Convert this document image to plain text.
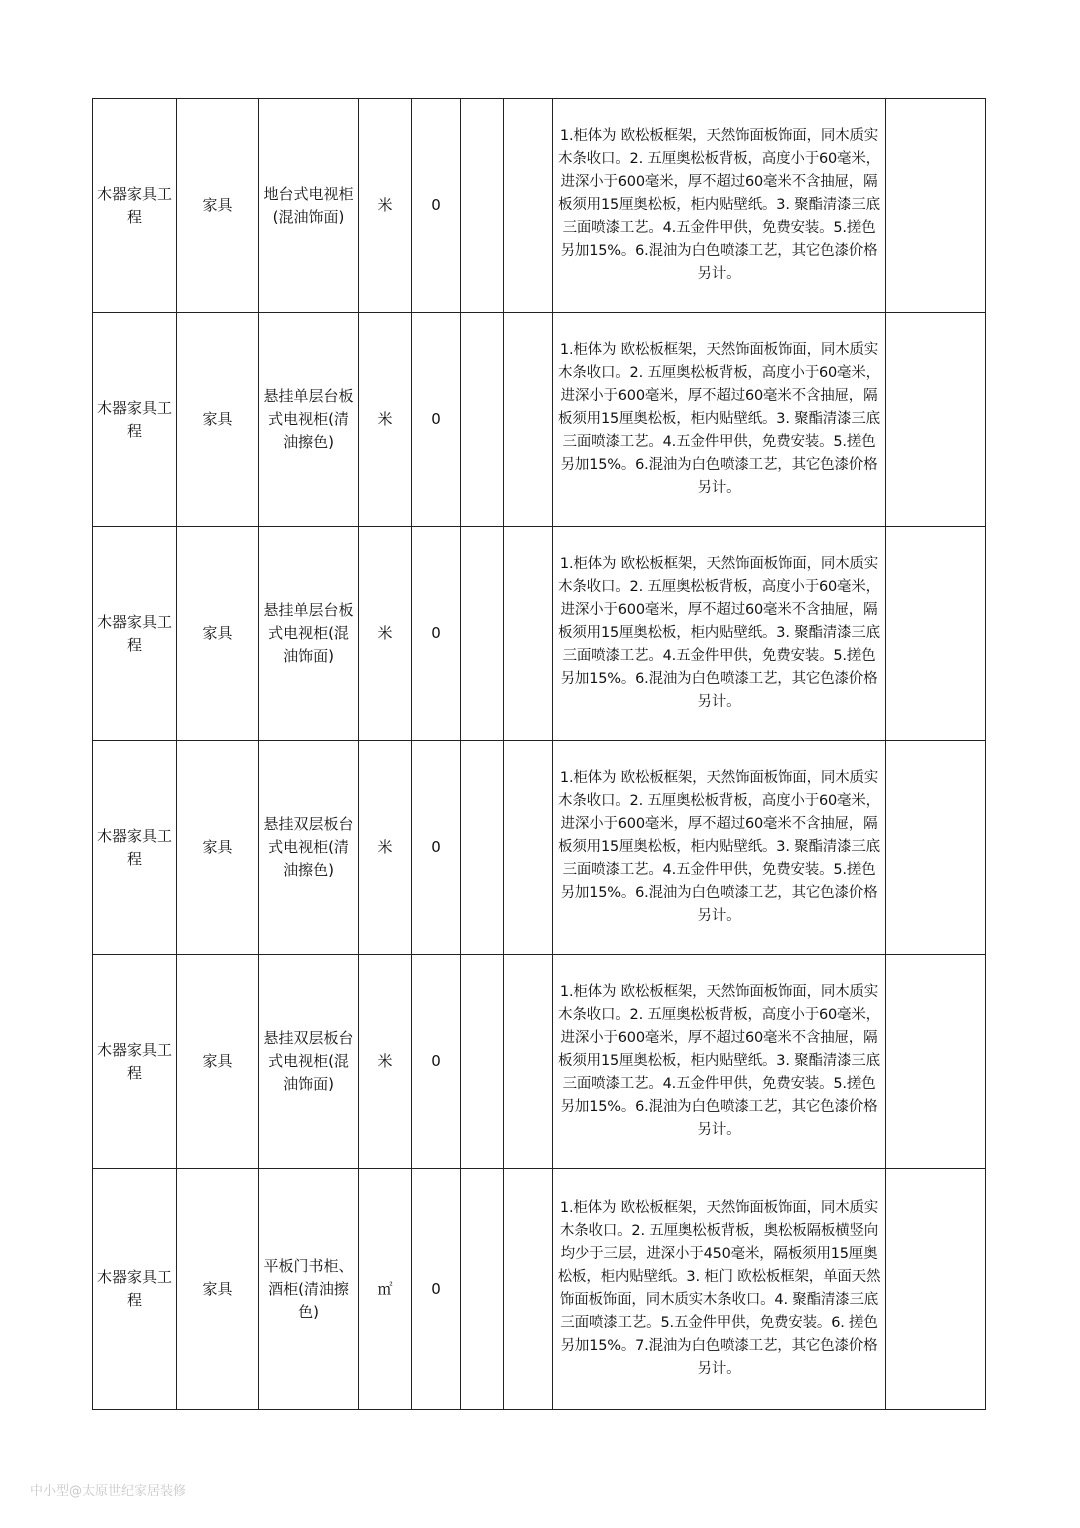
木器家具工程	家具	地台式电视柜(混油饰面)	米	0			1.柜体为 欧松板框架，天然饰面板饰面，同木质实木条收口。2. 五厘奥松板背板，高度小于60毫米，进深小于600毫米，厚不超过60毫米不含抽屉，隔板须用15厘奥松板，柜内贴壁纸。3. 聚酯清漆三底三面喷漆工艺。4.五金件甲供，免费安装。5.搓色另加15%。6.混油为白色喷漆工艺，其它色漆价格另计。	
木器家具工程	家具	悬挂单层台板式电视柜(清油擦色)	米	0			1.柜体为 欧松板框架，天然饰面板饰面，同木质实木条收口。2. 五厘奥松板背板，高度小于60毫米，进深小于600毫米，厚不超过60毫米不含抽屉，隔板须用15厘奥松板，柜内贴壁纸。3. 聚酯清漆三底三面喷漆工艺。4.五金件甲供，免费安装。5.搓色另加15%。6.混油为白色喷漆工艺，其它色漆价格另计。	
木器家具工程	家具	悬挂单层台板式电视柜(混油饰面)	米	0			1.柜体为 欧松板框架，天然饰面板饰面，同木质实木条收口。2. 五厘奥松板背板，高度小于60毫米，进深小于600毫米，厚不超过60毫米不含抽屉，隔板须用15厘奥松板，柜内贴壁纸。3. 聚酯清漆三底三面喷漆工艺。4.五金件甲供，免费安装。5.搓色另加15%。6.混油为白色喷漆工艺，其它色漆价格另计。	
木器家具工程	家具	悬挂双层板台式电视柜(清油擦色)	米	0			1.柜体为 欧松板框架，天然饰面板饰面，同木质实木条收口。2. 五厘奥松板背板，高度小于60毫米，进深小于600毫米，厚不超过60毫米不含抽屉，隔板须用15厘奥松板，柜内贴壁纸。3. 聚酯清漆三底三面喷漆工艺。4.五金件甲供，免费安装。5.搓色另加15%。6.混油为白色喷漆工艺，其它色漆价格另计。	
木器家具工程	家具	悬挂双层板台式电视柜(混油饰面)	米	0			1.柜体为 欧松板框架，天然饰面板饰面，同木质实木条收口。2. 五厘奥松板背板，高度小于60毫米，进深小于600毫米，厚不超过60毫米不含抽屉，隔板须用15厘奥松板，柜内贴壁纸。3. 聚酯清漆三底三面喷漆工艺。4.五金件甲供，免费安装。5.搓色另加15%。6.混油为白色喷漆工艺，其它色漆价格另计。	
木器家具工程	家具	平板门书柜、酒柜(清油擦色)	㎡	0			1.柜体为 欧松板框架，天然饰面板饰面，同木质实木条收口。2. 五厘奥松板背板，奥松板隔板横竖向均少于三层，进深小于450毫米，隔板须用15厘奥松板，柜内贴壁纸。3. 柜门 欧松板框架，单面天然饰面板饰面，同木质实木条收口。4. 聚酯清漆三底三面喷漆工艺。5.五金件甲供，免费安装。6. 搓色另加15%。7.混油为白色喷漆工艺，其它色漆价格另计。	
中小型@太原世纪家居装修
